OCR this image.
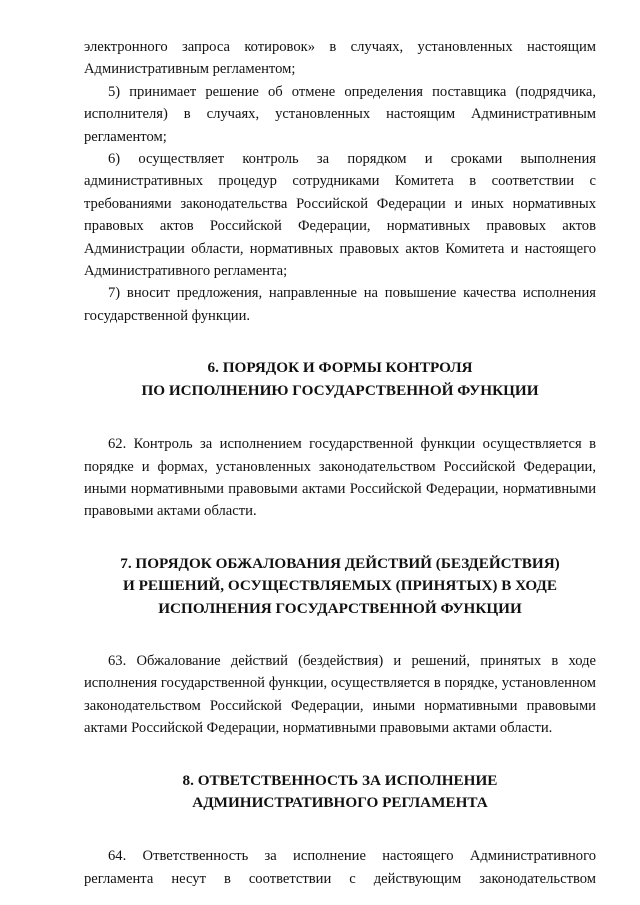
электронного запроса котировок» в случаях, установленных настоящим Административным регламентом;

5) принимает решение об отмене определения поставщика (подрядчика, исполнителя) в случаях, установленных настоящим Административным регламентом;

6) осуществляет контроль за порядком и сроками выполнения административных процедур сотрудниками Комитета в соответствии с требованиями законодательства Российской Федерации и иных нормативных правовых актов Российской Федерации, нормативных правовых актов Администрации области, нормативных правовых актов Комитета и настоящего Административного регламента;

7) вносит предложения, направленные на повышение качества исполнения государственной функции.

6. ПОРЯДОК И ФОРМЫ КОНТРОЛЯ
ПО ИСПОЛНЕНИЮ ГОСУДАРСТВЕННОЙ ФУНКЦИИ

62. Контроль за исполнением государственной функции осуществляется в порядке и формах, установленных законодательством Российской Федерации, иными нормативными правовыми актами Российской Федерации, нормативными правовыми актами области.

7. ПОРЯДОК ОБЖАЛОВАНИЯ ДЕЙСТВИЙ (БЕЗДЕЙСТВИЯ)
И РЕШЕНИЙ, ОСУЩЕСТВЛЯЕМЫХ (ПРИНЯТЫХ) В ХОДЕ
ИСПОЛНЕНИЯ ГОСУДАРСТВЕННОЙ ФУНКЦИИ

63. Обжалование действий (бездействия) и решений, принятых в ходе исполнения государственной функции, осуществляется в порядке, установленном законодательством Российской Федерации, иными нормативными правовыми актами Российской Федерации, нормативными правовыми актами области.

8. ОТВЕТСТВЕННОСТЬ ЗА ИСПОЛНЕНИЕ
АДМИНИСТРАТИВНОГО РЕГЛАМЕНТА

64. Ответственность за исполнение настоящего Административного регламента несут в соответствии с действующим законодательством
